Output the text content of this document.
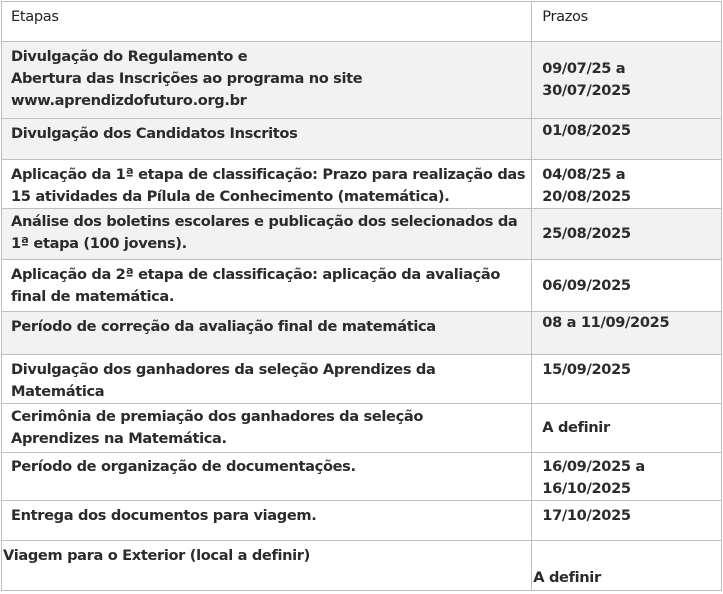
Etapas	Prazos

Divulgação do Regulamento e
Abertura das Inscrições ao programa no site
www.aprendizdofuturo.org.br	09/07/25 a 30/07/2025

Divulgação dos Candidatos Inscritos	01/08/2025

Aplicação da 1ª etapa de classificação: Prazo para realização das
15 atividades da Pílula de Conhecimento (matemática).	04/08/25 a 20/08/2025

Análise dos boletins escolares e publicação dos selecionados da
1ª etapa (100 jovens).	25/08/2025

Aplicação da 2ª etapa de classificação: aplicação da avaliação
final de matemática.	06/09/2025

Período de correção da avaliação final de matemática	08 a 11/09/2025

Divulgação dos ganhadores da seleção Aprendizes da
Matemática	15/09/2025

Cerimônia de premiação dos ganhadores da seleção
Aprendizes na Matemática.	A definir

Período de organização de documentações.	16/09/2025 a 16/10/2025

Entrega dos documentos para viagem.	17/10/2025

Viagem para o Exterior (local a definir)	A definir
